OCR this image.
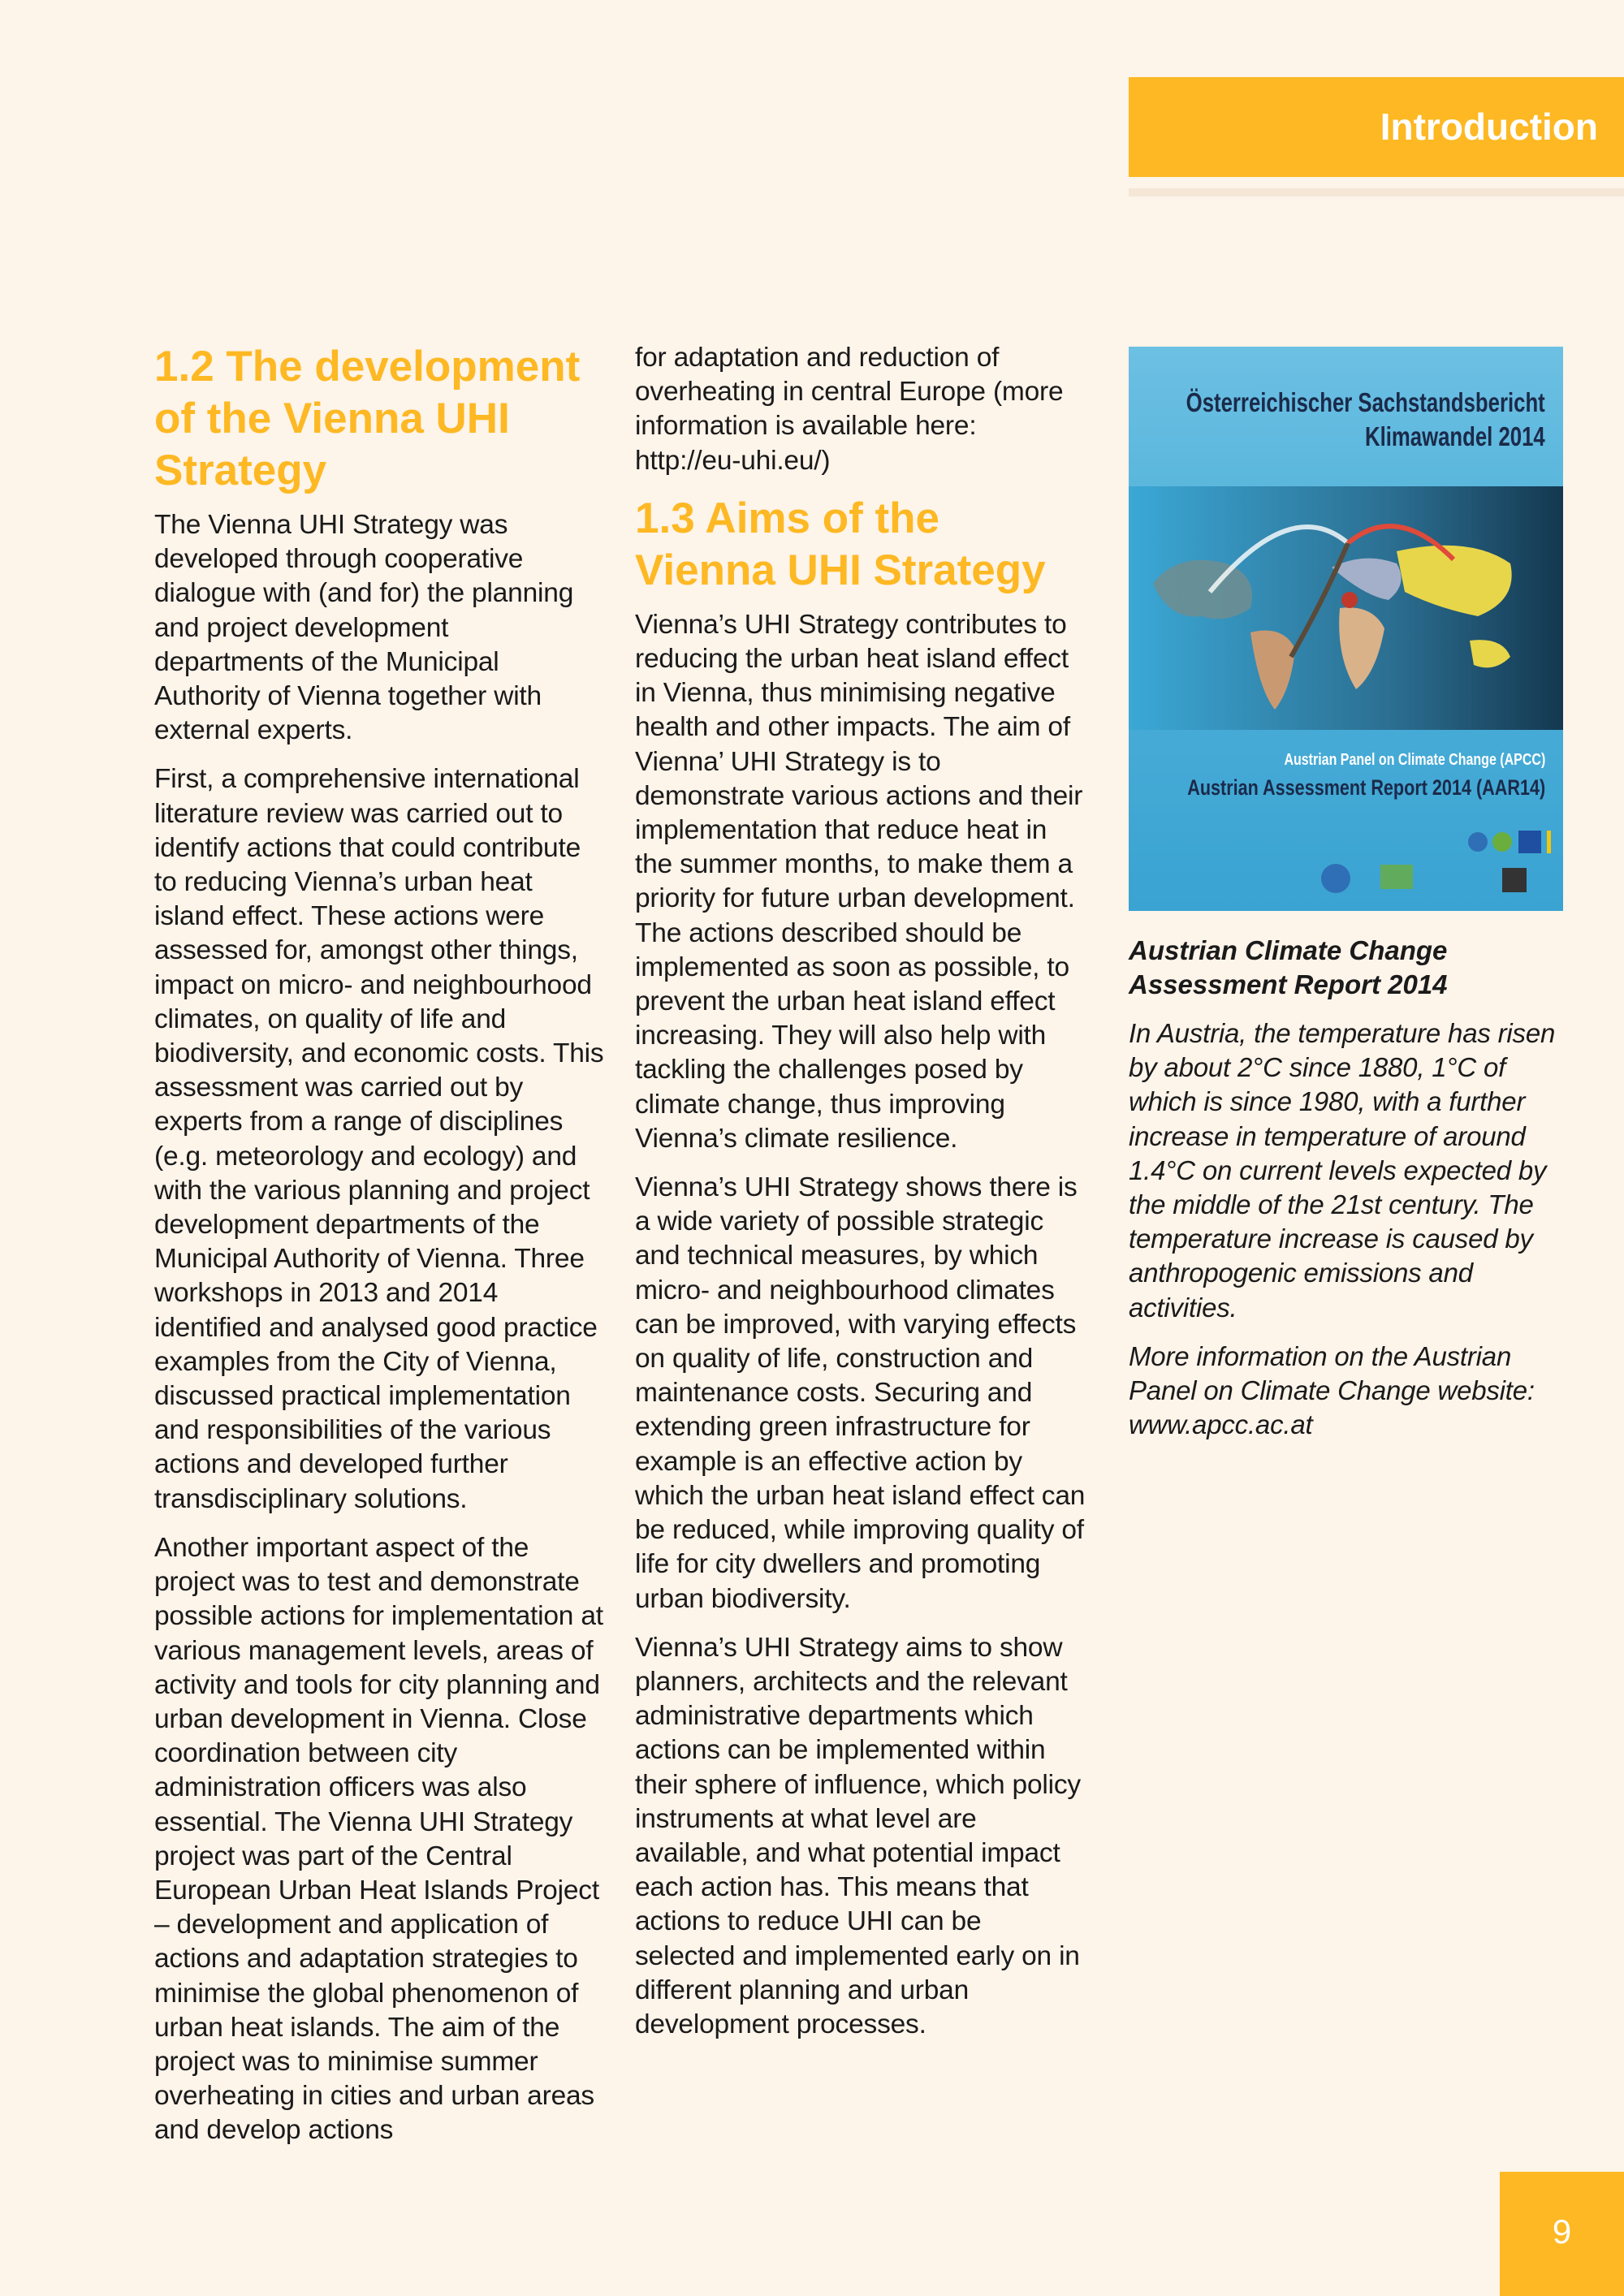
Introduction
1.2 The development of the Vienna UHI Strategy

The Vienna UHI Strategy was developed through cooperative dialogue with (and for) the planning and project development departments of the Municipal Authority of Vienna together with external experts.

First, a comprehensive international literature review was carried out to identify actions that could contribute to reducing Vienna’s urban heat island effect. These actions were assessed for, amongst other things, impact on micro- and neighbourhood climates, on quality of life and biodiversity, and economic costs. This assessment was carried out by experts from a range of disciplines (e.g. meteorology and ecology) and with the various planning and project development departments of the Municipal Authority of Vienna. Three workshops in 2013 and 2014 identified and analysed good practice examples from the City of Vienna, discussed practical implementation and responsibilities of the various actions and developed further transdisciplinary solutions.

Another important aspect of the project was to test and demonstrate possible actions for implementation at various management levels, areas of activity and tools for city planning and urban development in Vienna. Close coordination between city administration officers was also essential. The Vienna UHI Strategy project was part of the Central European Urban Heat Islands Project – development and application of actions and adaptation strategies to minimise the global phenomenon of urban heat islands. The aim of the project was to minimise summer overheating in cities and urban areas and develop actions

for adaptation and reduction of overheating in central Europe (more information is available here: http://eu-uhi.eu/)

1.3 Aims of the Vienna UHI Strategy

Vienna’s UHI Strategy contributes to reducing the urban heat island effect in Vienna, thus minimising negative health and other impacts. The aim of Vienna’ UHI Strategy is to demonstrate various actions and their implementation that reduce heat in the summer months, to make them a priority for future urban development. The actions described should be implemented as soon as possible, to prevent the urban heat island effect increasing. They will also help with tackling the challenges posed by climate change, thus improving Vienna’s climate resilience.

Vienna’s UHI Strategy shows there is a wide variety of possible strategic and technical measures, by which micro- and neighbourhood climates can be improved, with varying effects on quality of life, construction and maintenance costs. Securing and extending green infrastructure for example is an effective action by which the urban heat island effect can be reduced, while improving quality of life for city dwellers and promoting urban biodiversity.

Vienna’s UHI Strategy aims to show planners, architects and the relevant administrative departments which actions can be implemented within their sphere of influence, which policy instruments at what level are available, and what potential impact each action has. This means that actions to reduce UHI can be selected and implemented early on in different planning and urban development processes.

Österreichischer Sachstandsbericht
Klimawandel 2014
Austrian Panel on Climate Change (APCC)
Austrian Assessment Report 2014 (AAR14)
Austrian Climate Change Assessment Report 2014

In Austria, the temperature has risen by about 2°C since 1880, 1°C of which is since 1980, with a further increase in temperature of around 1.4°C on current levels expected by the middle of the 21st century. The temperature increase is caused by anthropogenic emissions and activities.

More information on the Austrian Panel on Climate Change website: www.apcc.ac.at

9
